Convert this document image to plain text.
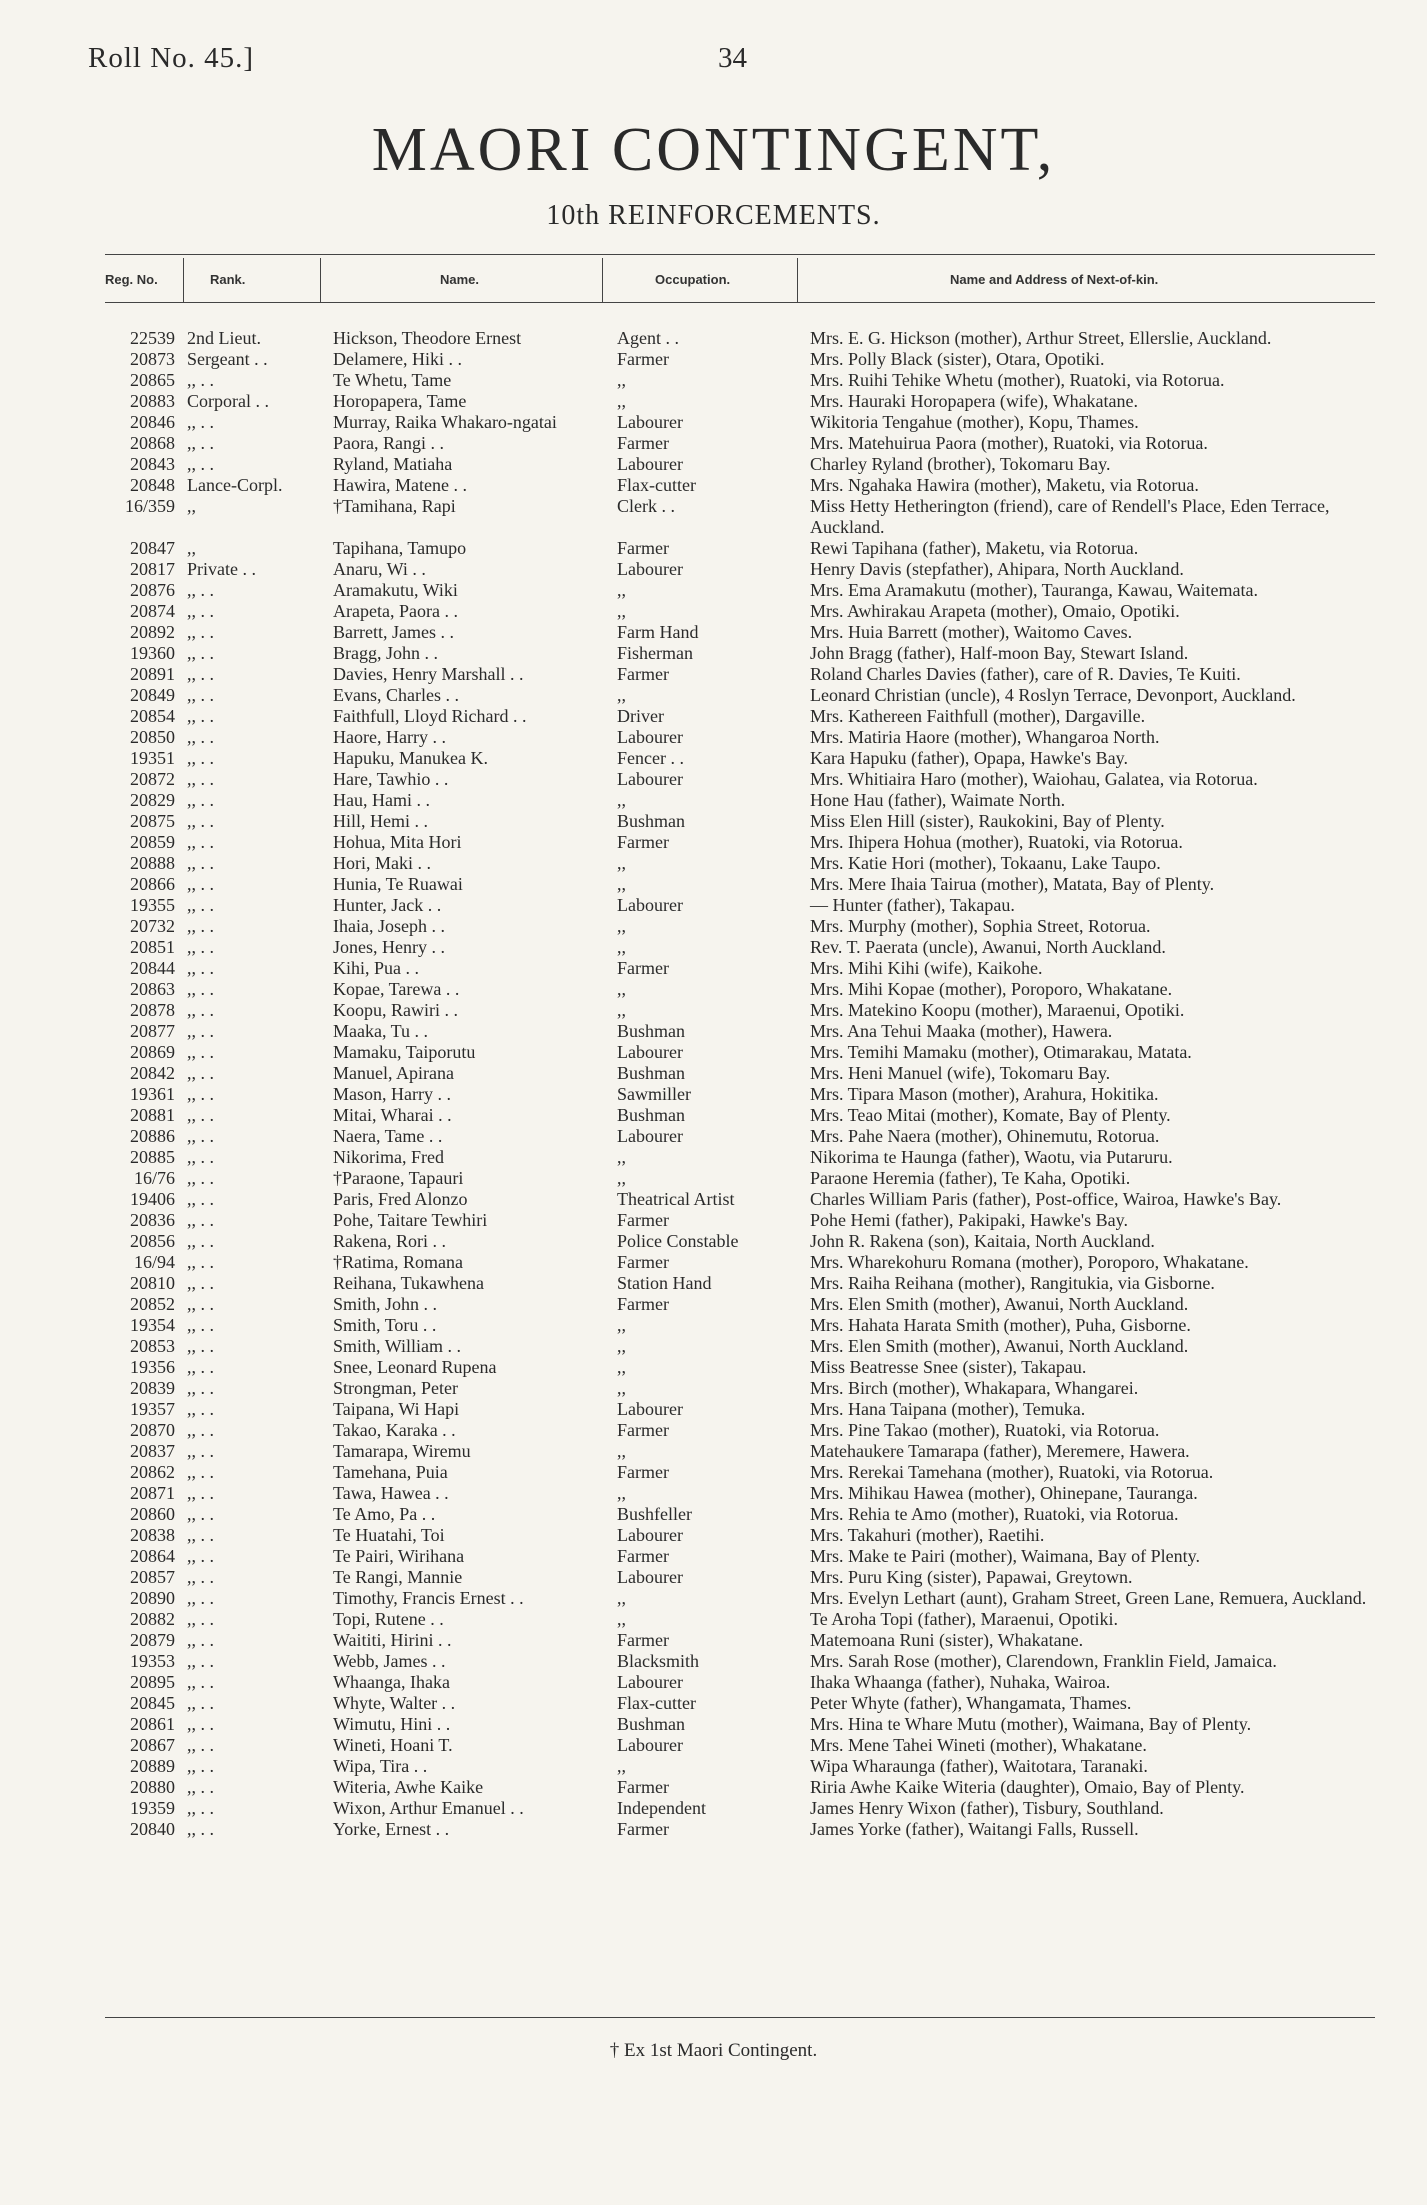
Roll No. 45.]	34
MAORI CONTINGENT,
10th REINFORCEMENTS.
Reg. No.	Rank.	Name.	Occupation.	Name and Address of Next-of-kin.
22539 2nd Lieut.	Hickson, Theodore Ernest	Agent . .	Mrs. E. G. Hickson (mother), Arthur Street, Ellerslie, Auckland.
20873 Sergeant . .	Delamere, Hiki . .	Farmer	Mrs. Polly Black (sister), Otara, Opotiki.
20865 ,, . .	Te Whetu, Tame	,,	Mrs. Ruihi Tehike Whetu (mother), Ruatoki, via Rotorua.
20883 Corporal . .	Horopapera, Tame	,,	Mrs. Hauraki Horopapera (wife), Whakatane.
20846 ,, . .	Murray, Raika Whakaro-ngatai	Labourer	Wikitoria Tengahue (mother), Kopu, Thames.
20868 ,, . .	Paora, Rangi . .	Farmer	Mrs. Matehuirua Paora (mother), Ruatoki, via Rotorua.
20843 ,, . .	Ryland, Matiaha	Labourer	Charley Ryland (brother), Tokomaru Bay.
20848 Lance-Corpl.	Hawira, Matene . .	Flax-cutter	Mrs. Ngahaka Hawira (mother), Maketu, via Rotorua.
16/359 ,,	†Tamihana, Rapi	Clerk . .	Miss Hetty Hetherington (friend), care of Rendell's Place, Eden Terrace, Auckland.
20847 ,,	Tapihana, Tamupo	Farmer	Rewi Tapihana (father), Maketu, via Rotorua.
20817 Private . .	Anaru, Wi . .	Labourer	Henry Davis (stepfather), Ahipara, North Auckland.
20876 ,, . .	Aramakutu, Wiki	,,	Mrs. Ema Aramakutu (mother), Tauranga, Kawau, Waitemata.
20874 ,, . .	Arapeta, Paora . .	,,	Mrs. Awhirakau Arapeta (mother), Omaio, Opotiki.
20892 ,, . .	Barrett, James . .	Farm Hand	Mrs. Huia Barrett (mother), Waitomo Caves.
19360 ,, . .	Bragg, John . .	Fisherman	John Bragg (father), Half-moon Bay, Stewart Island.
20891 ,, . .	Davies, Henry Marshall . .	Farmer	Roland Charles Davies (father), care of R. Davies, Te Kuiti.
20849 ,, . .	Evans, Charles . .	,,	Leonard Christian (uncle), 4 Roslyn Terrace, Devonport, Auckland.
20854 ,, . .	Faithfull, Lloyd Richard . .	Driver	Mrs. Kathereen Faithfull (mother), Dargaville.
20850 ,, . .	Haore, Harry . .	Labourer	Mrs. Matiria Haore (mother), Whangaroa North.
19351 ,, . .	Hapuku, Manukea K.	Fencer . .	Kara Hapuku (father), Opapa, Hawke's Bay.
20872 ,, . .	Hare, Tawhio . .	Labourer	Mrs. Whitiaira Haro (mother), Waiohau, Galatea, via Rotorua.
20829 ,, . .	Hau, Hami . .	,,	Hone Hau (father), Waimate North.
20875 ,, . .	Hill, Hemi . .	Bushman	Miss Elen Hill (sister), Raukokini, Bay of Plenty.
20859 ,, . .	Hohua, Mita Hori	Farmer	Mrs. Ihipera Hohua (mother), Ruatoki, via Rotorua.
20888 ,, . .	Hori, Maki . .	,,	Mrs. Katie Hori (mother), Tokaanu, Lake Taupo.
20866 ,, . .	Hunia, Te Ruawai	,,	Mrs. Mere Ihaia Tairua (mother), Matata, Bay of Plenty.
19355 ,, . .	Hunter, Jack . .	Labourer	— Hunter (father), Takapau.
20732 ,, . .	Ihaia, Joseph . .	,,	Mrs. Murphy (mother), Sophia Street, Rotorua.
20851 ,, . .	Jones, Henry . .	,,	Rev. T. Paerata (uncle), Awanui, North Auckland.
20844 ,, . .	Kihi, Pua . .	Farmer	Mrs. Mihi Kihi (wife), Kaikohe.
20863 ,, . .	Kopae, Tarewa . .	,,	Mrs. Mihi Kopae (mother), Poroporo, Whakatane.
20878 ,, . .	Koopu, Rawiri . .	,,	Mrs. Matekino Koopu (mother), Maraenui, Opotiki.
20877 ,, . .	Maaka, Tu . .	Bushman	Mrs. Ana Tehui Maaka (mother), Hawera.
20869 ,, . .	Mamaku, Taiporutu	Labourer	Mrs. Temihi Mamaku (mother), Otimarakau, Matata.
20842 ,, . .	Manuel, Apirana	Bushman	Mrs. Heni Manuel (wife), Tokomaru Bay.
19361 ,, . .	Mason, Harry . .	Sawmiller	Mrs. Tipara Mason (mother), Arahura, Hokitika.
20881 ,, . .	Mitai, Wharai . .	Bushman	Mrs. Teao Mitai (mother), Komate, Bay of Plenty.
20886 ,, . .	Naera, Tame . .	Labourer	Mrs. Pahe Naera (mother), Ohinemutu, Rotorua.
20885 ,, . .	Nikorima, Fred	,,	Nikorima te Haunga (father), Waotu, via Putaruru.
16/76 ,, . .	†Paraone, Tapauri	,,	Paraone Heremia (father), Te Kaha, Opotiki.
19406 ,, . .	Paris, Fred Alonzo	Theatrical Artist	Charles William Paris (father), Post-office, Wairoa, Hawke's Bay.
20836 ,, . .	Pohe, Taitare Tewhiri	Farmer	Pohe Hemi (father), Pakipaki, Hawke's Bay.
20856 ,, . .	Rakena, Rori . .	Police Constable	John R. Rakena (son), Kaitaia, North Auckland.
16/94 ,, . .	†Ratima, Romana	Farmer	Mrs. Wharekohuru Romana (mother), Poroporo, Whakatane.
20810 ,, . .	Reihana, Tukawhena	Station Hand	Mrs. Raiha Reihana (mother), Rangitukia, via Gisborne.
20852 ,, . .	Smith, John . .	Farmer	Mrs. Elen Smith (mother), Awanui, North Auckland.
19354 ,, . .	Smith, Toru . .	,,	Mrs. Hahata Harata Smith (mother), Puha, Gisborne.
20853 ,, . .	Smith, William . .	,,	Mrs. Elen Smith (mother), Awanui, North Auckland.
19356 ,, . .	Snee, Leonard Rupena	,,	Miss Beatresse Snee (sister), Takapau.
20839 ,, . .	Strongman, Peter	,,	Mrs. Birch (mother), Whakapara, Whangarei.
19357 ,, . .	Taipana, Wi Hapi	Labourer	Mrs. Hana Taipana (mother), Temuka.
20870 ,, . .	Takao, Karaka . .	Farmer	Mrs. Pine Takao (mother), Ruatoki, via Rotorua.
20837 ,, . .	Tamarapa, Wiremu	,,	Matehaukere Tamarapa (father), Meremere, Hawera.
20862 ,, . .	Tamehana, Puia	Farmer	Mrs. Rerekai Tamehana (mother), Ruatoki, via Rotorua.
20871 ,, . .	Tawa, Hawea . .	,,	Mrs. Mihikau Hawea (mother), Ohinepane, Tauranga.
20860 ,, . .	Te Amo, Pa . .	Bushfeller	Mrs. Rehia te Amo (mother), Ruatoki, via Rotorua.
20838 ,, . .	Te Huatahi, Toi	Labourer	Mrs. Takahuri (mother), Raetihi.
20864 ,, . .	Te Pairi, Wirihana	Farmer	Mrs. Make te Pairi (mother), Waimana, Bay of Plenty.
20857 ,, . .	Te Rangi, Mannie	Labourer	Mrs. Puru King (sister), Papawai, Greytown.
20890 ,, . .	Timothy, Francis Ernest . .	,,	Mrs. Evelyn Lethart (aunt), Graham Street, Green Lane, Remuera, Auckland.
20882 ,, . .	Topi, Rutene . .	,,	Te Aroha Topi (father), Maraenui, Opotiki.
20879 ,, . .	Waititi, Hirini . .	Farmer	Matemoana Runi (sister), Whakatane.
19353 ,, . .	Webb, James . .	Blacksmith	Mrs. Sarah Rose (mother), Clarendown, Franklin Field, Jamaica.
20895 ,, . .	Whaanga, Ihaka	Labourer	Ihaka Whaanga (father), Nuhaka, Wairoa.
20845 ,, . .	Whyte, Walter . .	Flax-cutter	Peter Whyte (father), Whangamata, Thames.
20861 ,, . .	Wimutu, Hini . .	Bushman	Mrs. Hina te Whare Mutu (mother), Waimana, Bay of Plenty.
20867 ,, . .	Wineti, Hoani T.	Labourer	Mrs. Mene Tahei Wineti (mother), Whakatane.
20889 ,, . .	Wipa, Tira . .	,,	Wipa Wharaunga (father), Waitotara, Taranaki.
20880 ,, . .	Witeria, Awhe Kaike	Farmer	Riria Awhe Kaike Witeria (daughter), Omaio, Bay of Plenty.
19359 ,, . .	Wixon, Arthur Emanuel . .	Independent	James Henry Wixon (father), Tisbury, Southland.
20840 ,, . .	Yorke, Ernest . .	Farmer	James Yorke (father), Waitangi Falls, Russell.
† Ex 1st Maori Contingent.
